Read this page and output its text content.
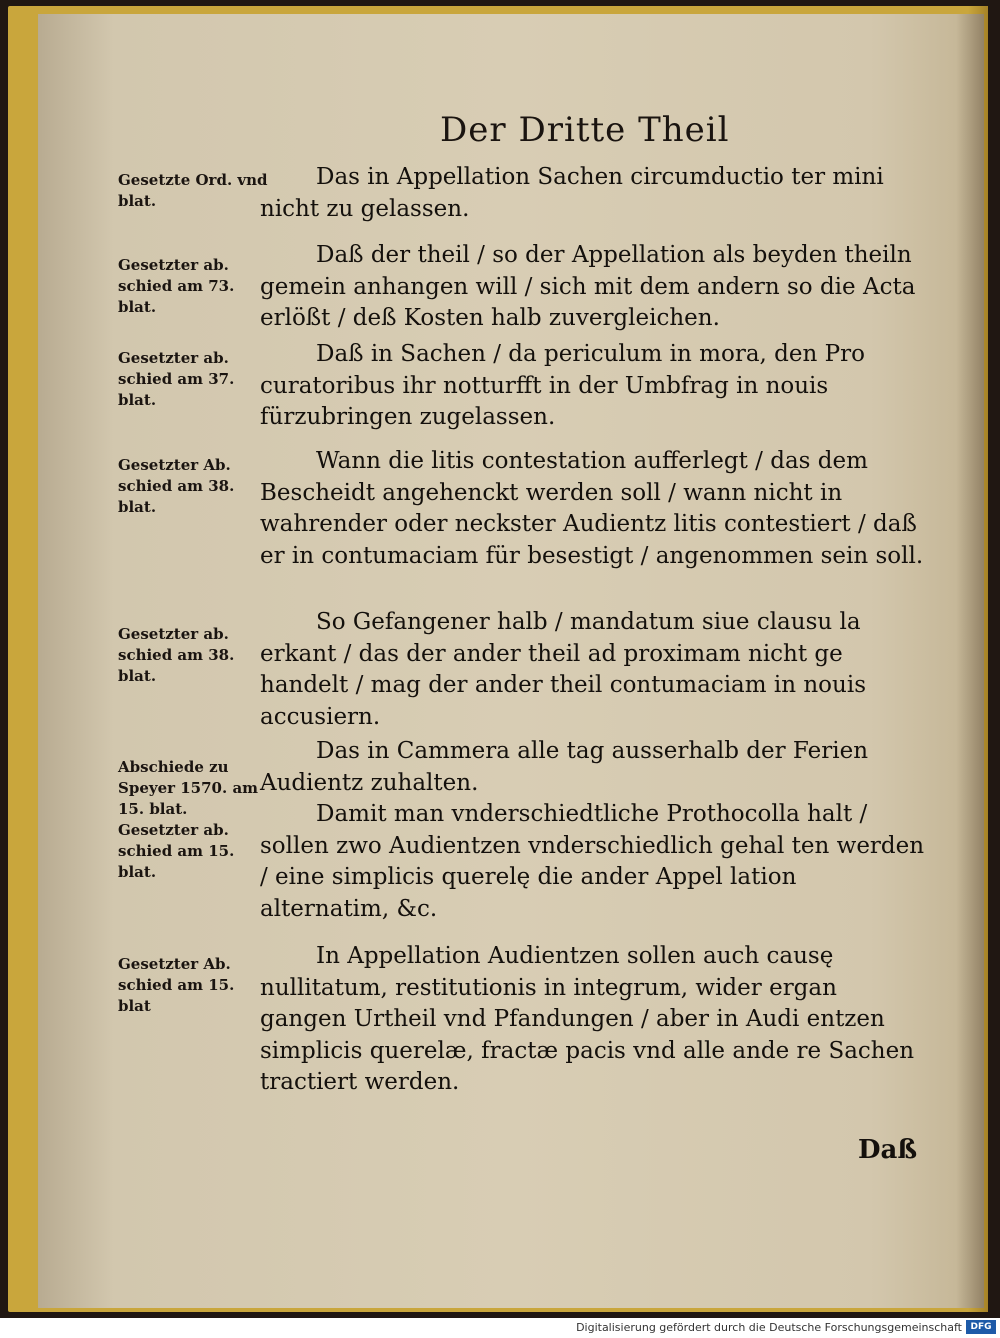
Der Dritte Theil
Gesetzte Ord. vnd blat.
Gesetzter ab. schied am 73. blat.
Gesetzter ab. schied am 37. blat.
Gesetzter Ab. schied am 38. blat.
Gesetzter ab. schied am 38. blat.
Abschiede zu Speyer 1570. am 15. blat. Gesetzter ab. schied am 15. blat.
Gesetzter Ab. schied am 15. blat
Das in Appellation Sachen circumductio ter mini nicht zu gelassen.
Daß der theil / so der Appellation als beyden theiln gemein anhangen will / sich mit dem andern so die Acta erlößt / deß Kosten halb zuvergleichen.
Daß in Sachen / da periculum in mora, den Pro curatoribus ihr notturfft in der Umbfrag in nouis fürzubringen zugelassen.
Wann die litis contestation aufferlegt / das dem Bescheidt angehenckt werden soll / wann nicht in wahrender oder neckster Audientz litis contestiert / daß er in contumaciam für besestigt / angenommen sein soll.
So Gefangener halb / mandatum siue clausu la erkant / das der ander theil ad proximam nicht ge handelt / mag der ander theil contumaciam in nouis accusiern.
Das in Cammera alle tag ausserhalb der Ferien Audientz zuhalten.
Damit man vnderschiedtliche Prothocolla halt / sollen zwo Audientzen vnderschiedlich gehal ten werden / eine simplicis querelę die ander Appel lation alternatim, &c.
In Appellation Audientzen sollen auch causę nullitatum, restitutionis in integrum, wider ergan gangen Urtheil vnd Pfandungen / aber in Audi entzen simplicis querelæ, fractæ pacis vnd alle ande re Sachen tractiert werden.
Daß
Digitalisierung gefördert durch die Deutsche Forschungsgemeinschaft DFG
